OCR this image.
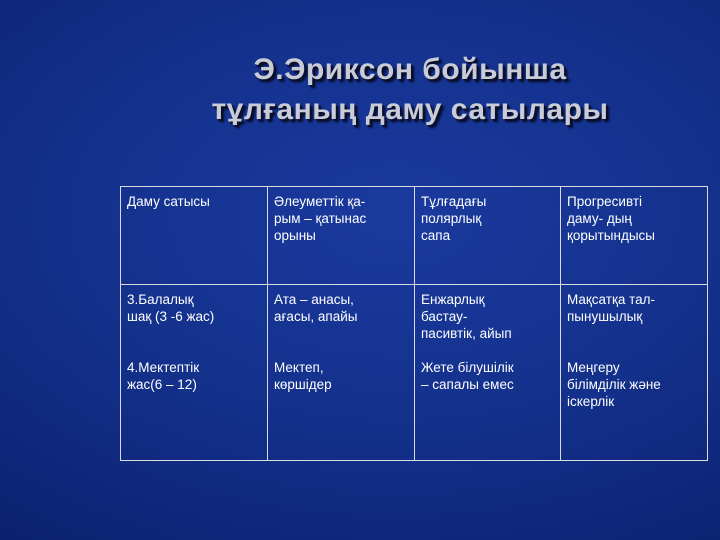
Э.Эриксон бойынша
тұлғаның даму сатылары
Даму сатысы	Әлеуметтік қа-
рым – қатынас
орыны	Тұлғадағы
полярлық
сапа	Прогресивті
даму- дың
қорытындысы

3.Балалық
шақ (3 -6 жас)
4.Мектептік
жас(6 – 12)	Ата – анасы,
ағасы, апайы
Мектеп,
көршідер	Енжарлық
бастау-
пасивтік, айып
Жете білушілік
– сапалы емес	Мақсатқа тал-
пынушылық
Меңгеру
білімділік және
іскерлік
